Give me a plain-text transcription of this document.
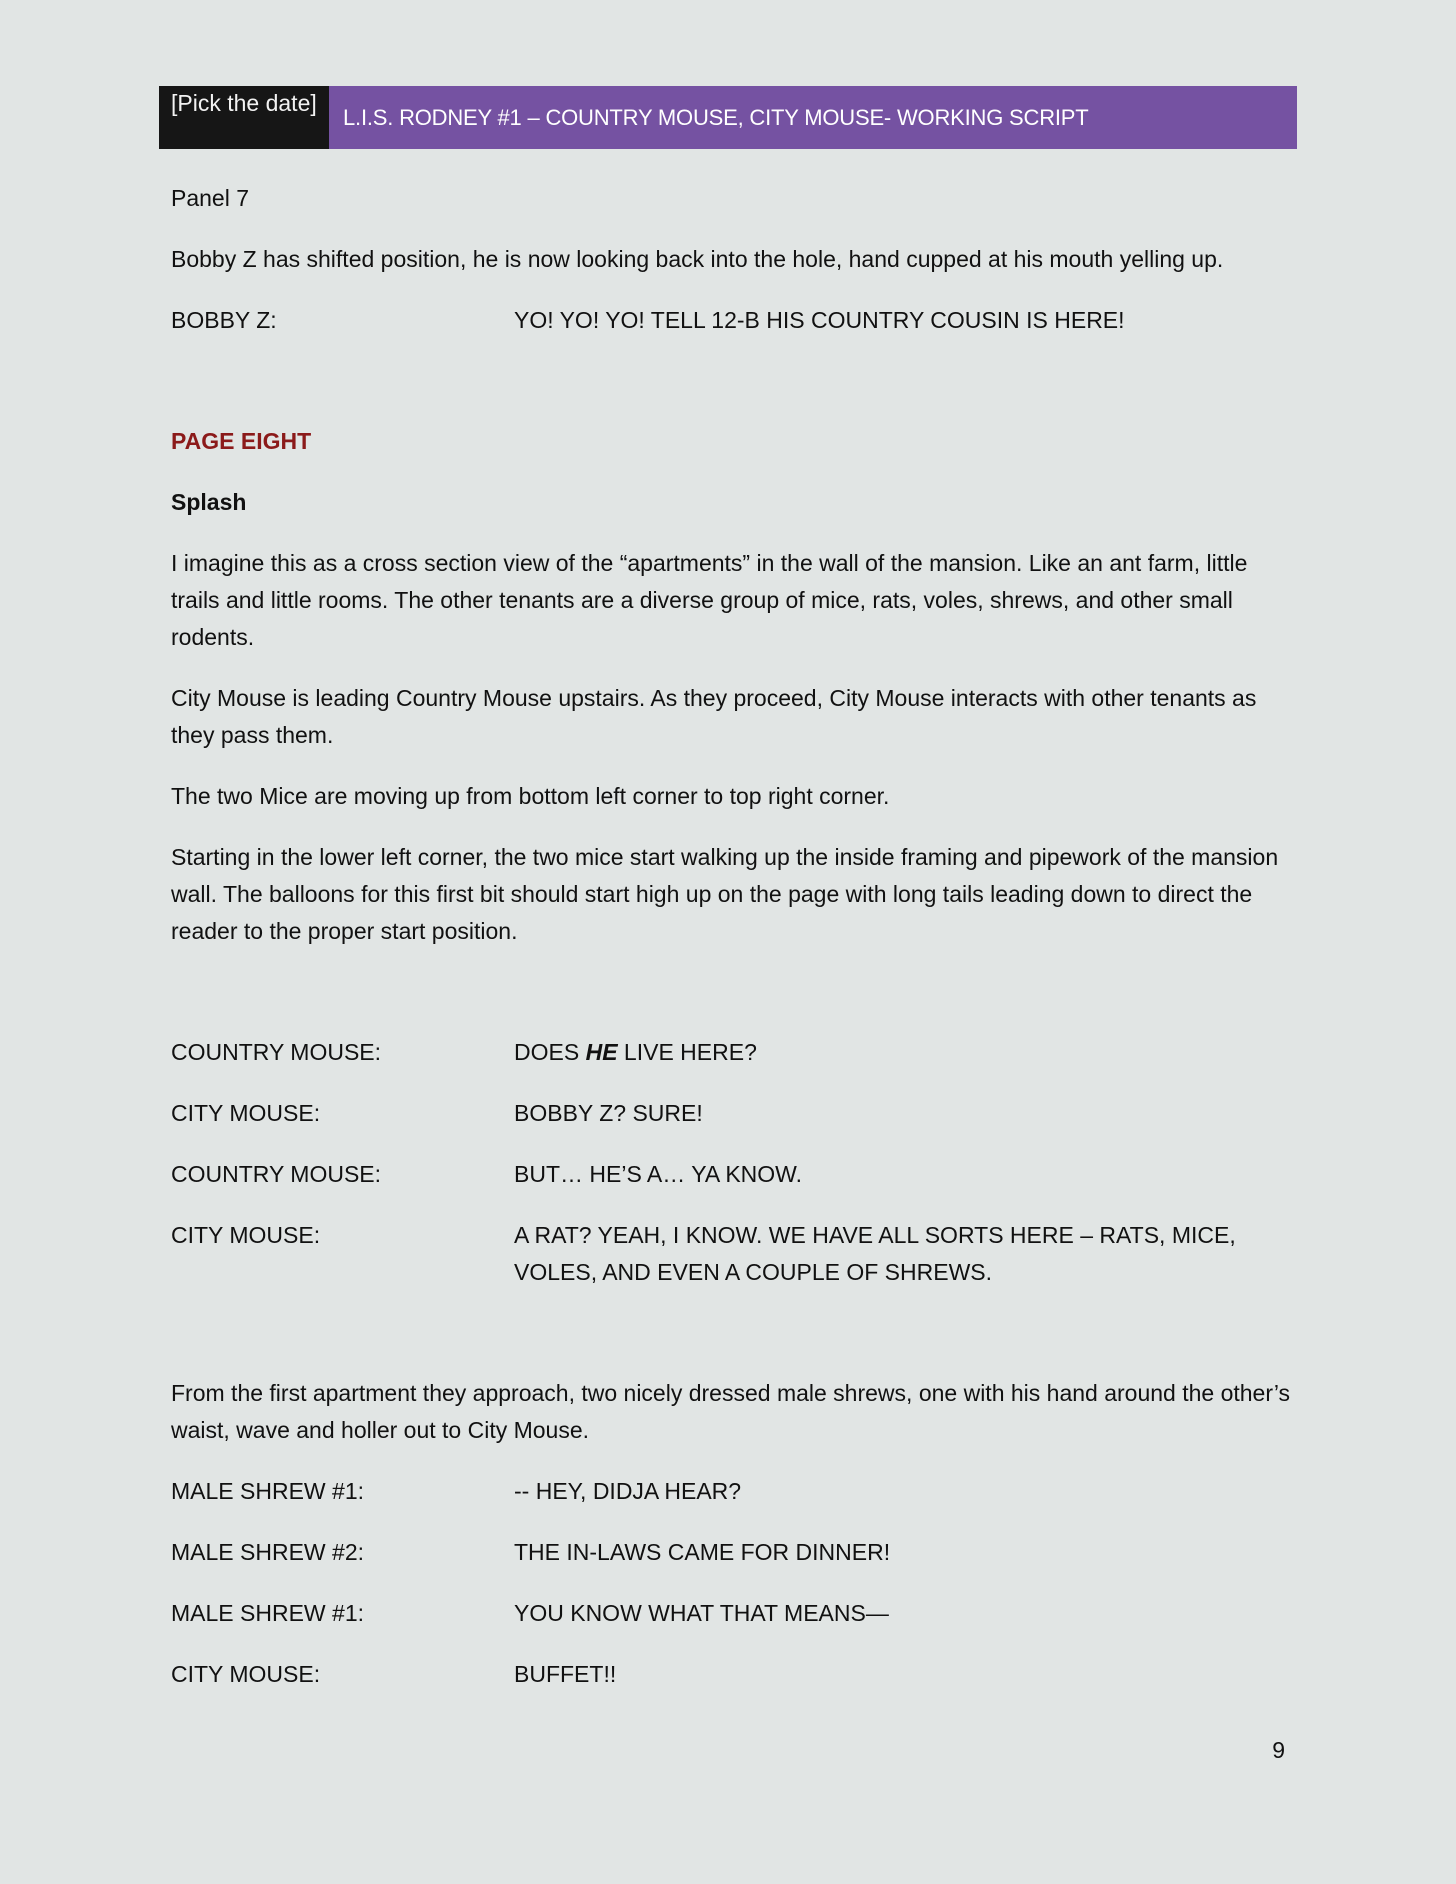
[Pick the date]
L.I.S. RODNEY #1 – COUNTRY MOUSE, CITY MOUSE- WORKING SCRIPT
Panel 7
Bobby Z has shifted position, he is now looking back into the hole, hand cupped at his mouth yelling up.
BOBBY Z:	YO! YO! YO! TELL 12-B HIS COUNTRY COUSIN IS HERE!
PAGE EIGHT
Splash
I imagine this as a cross section view of the “apartments” in the wall of the mansion. Like an ant farm, little trails and little rooms. The other tenants are a diverse group of mice, rats, voles, shrews, and other small rodents.
City Mouse is leading Country Mouse upstairs. As they proceed, City Mouse interacts with other tenants as they pass them.
The two Mice are moving up from bottom left corner to top right corner.
Starting in the lower left corner, the two mice start walking up the inside framing and pipework of the mansion wall. The balloons for this first bit should start high up on the page with long tails leading down to direct the reader to the proper start position.
COUNTRY MOUSE:	DOES HE LIVE HERE?
CITY MOUSE:	BOBBY Z? SURE!
COUNTRY MOUSE:	BUT… HE’S A… YA KNOW.
CITY MOUSE:	A RAT? YEAH, I KNOW. WE HAVE ALL SORTS HERE – RATS, MICE, VOLES, AND EVEN A COUPLE OF SHREWS.
From the first apartment they approach, two nicely dressed male shrews, one with his hand around the other’s waist, wave and holler out to City Mouse.
MALE SHREW #1:	-- HEY, DIDJA HEAR?
MALE SHREW #2:	THE IN-LAWS CAME FOR DINNER!
MALE SHREW #1:	YOU KNOW WHAT THAT MEANS—
CITY MOUSE:	BUFFET!!
9
